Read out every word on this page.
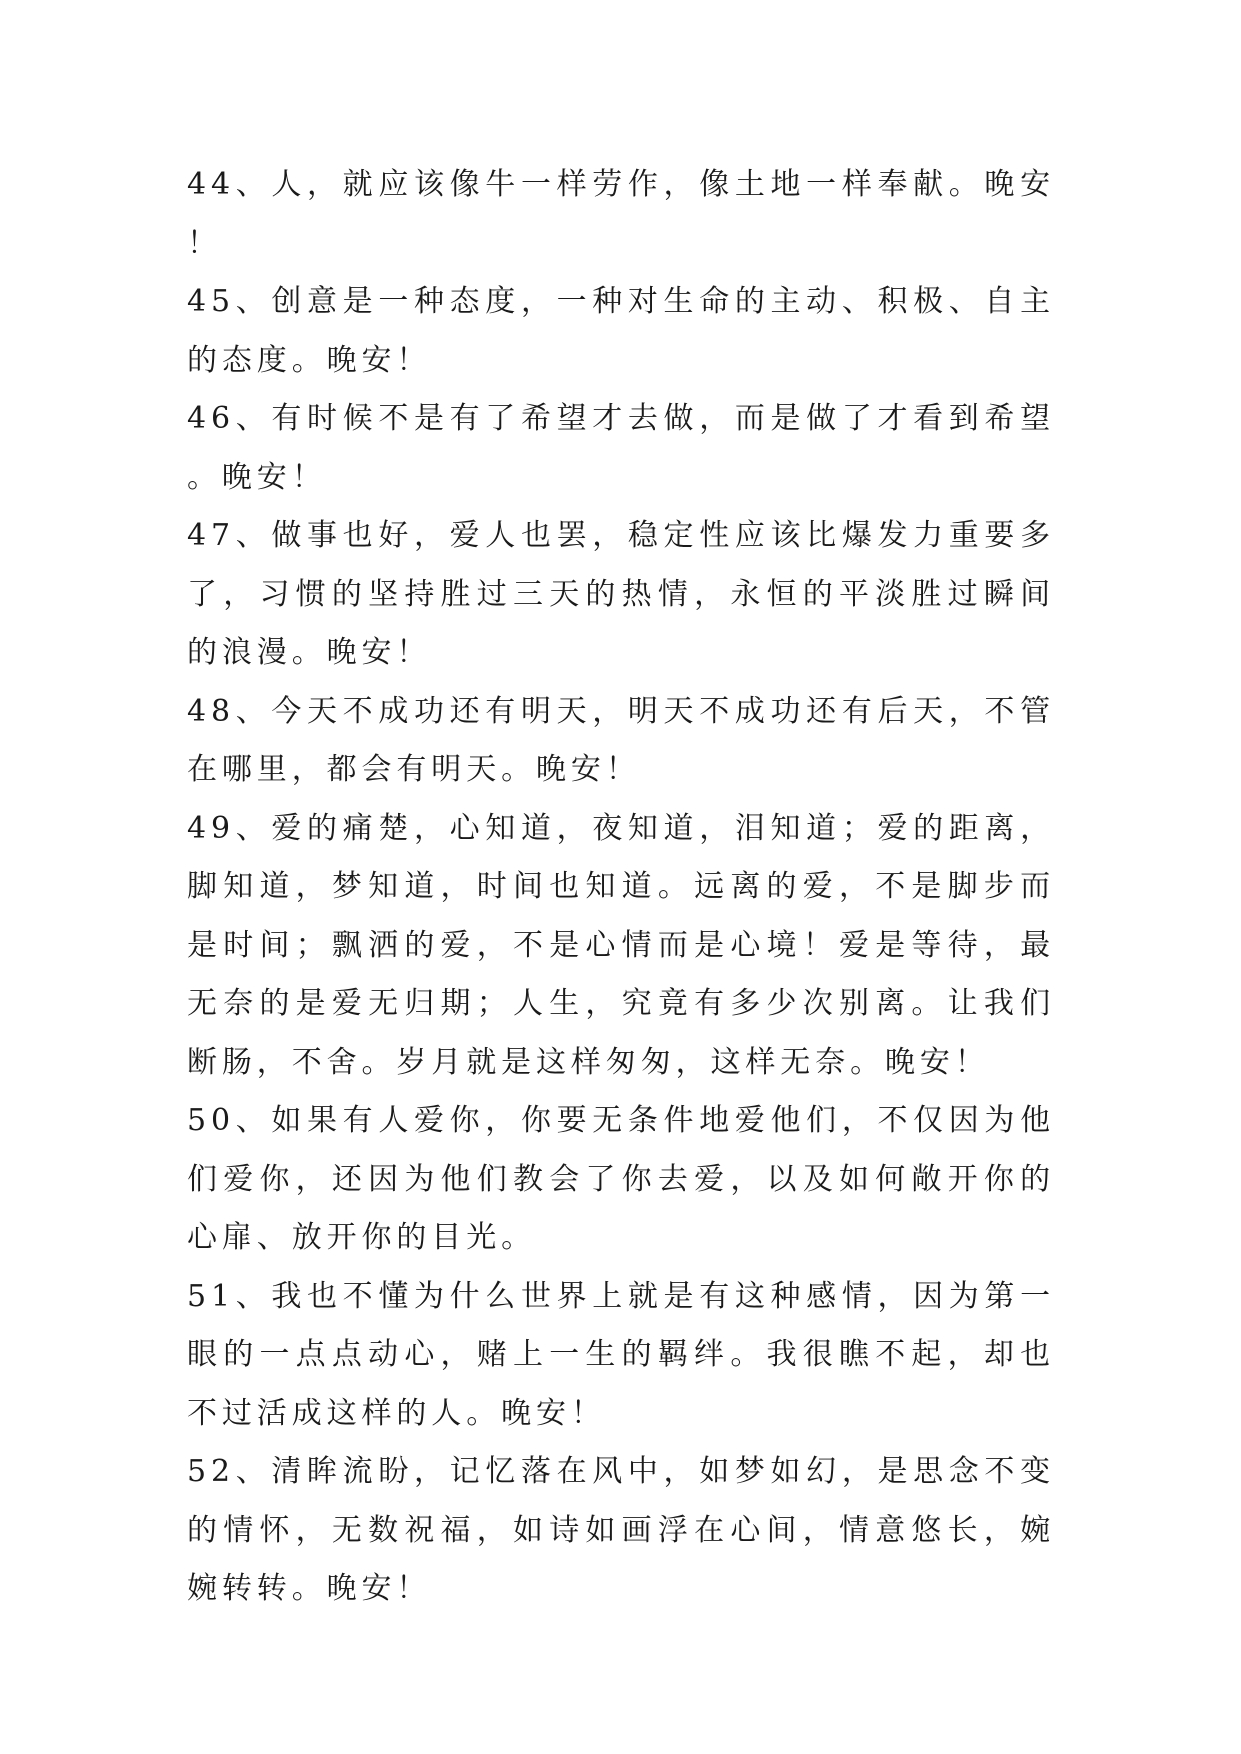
44、人，就应该像牛一样劳作，像土地一样奉献。晚安！

45、创意是一种态度，一种对生命的主动、积极、自主的态度。晚安！

46、有时候不是有了希望才去做，而是做了才看到希望。晚安！

47、做事也好，爱人也罢，稳定性应该比爆发力重要多了，习惯的坚持胜过三天的热情，永恒的平淡胜过瞬间的浪漫。晚安！

48、今天不成功还有明天，明天不成功还有后天，不管在哪里，都会有明天。晚安！

49、爱的痛楚，心知道，夜知道，泪知道；爱的距离，脚知道，梦知道，时间也知道。远离的爱，不是脚步而是时间；飘洒的爱，不是心情而是心境！爱是等待，最无奈的是爱无归期；人生，究竟有多少次别离。让我们断肠，不舍。岁月就是这样匆匆，这样无奈。晚安！

50、如果有人爱你，你要无条件地爱他们，不仅因为他们爱你，还因为他们教会了你去爱，以及如何敞开你的心扉、放开你的目光。

51、我也不懂为什么世界上就是有这种感情，因为第一眼的一点点动心，赌上一生的羁绊。我很瞧不起，却也不过活成这样的人。晚安！

52、清眸流盼，记忆落在风中，如梦如幻，是思念不变的情怀，无数祝福，如诗如画浮在心间，情意悠长，婉婉转转。晚安！
